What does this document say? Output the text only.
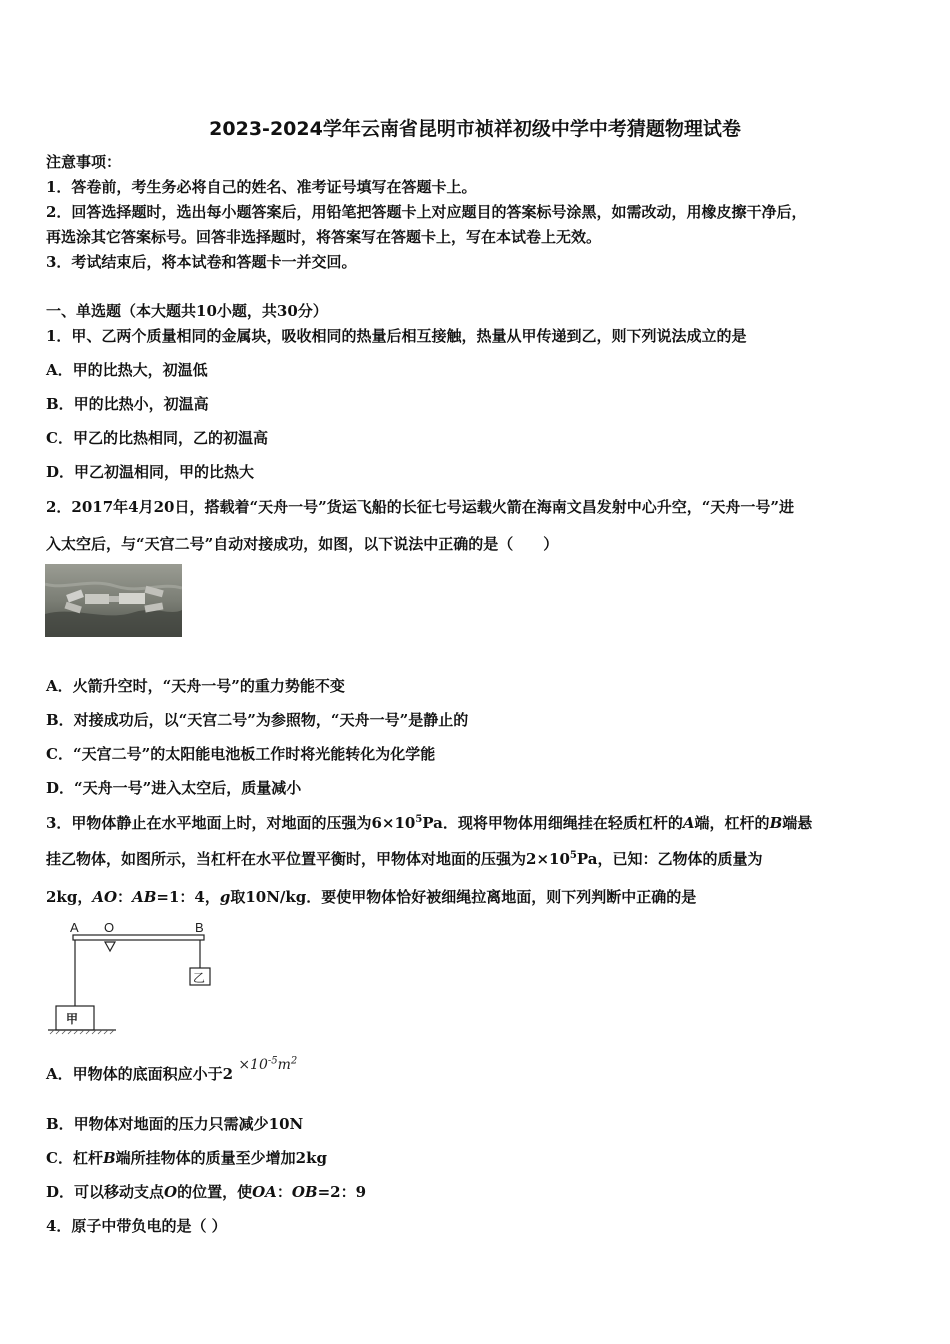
2023-2024学年云南省昆明市祯祥初级中学中考猜题物理试卷
注意事项：
1．答卷前，考生务必将自己的姓名、准考证号填写在答题卡上。
2．回答选择题时，选出每小题答案后，用铅笔把答题卡上对应题目的答案标号涂黑，如需改动，用橡皮擦干净后，
再选涂其它答案标号。回答非选择题时，将答案写在答题卡上，写在本试卷上无效。
3．考试结束后，将本试卷和答题卡一并交回。
一、单选题（本大题共10小题，共30分）
1．甲、乙两个质量相同的金属块，吸收相同的热量后相互接触，热量从甲传递到乙，则下列说法成立的是
A．甲的比热大，初温低
B．甲的比热小，初温高
C．甲乙的比热相同，乙的初温高
D．甲乙初温相同，甲的比热大
2．2017年4月20日，搭载着“天舟一号”货运飞船的长征七号运载火箭在海南文昌发射中心升空，“天舟一号”进
入太空后，与“天宫二号”自动对接成功，如图，以下说法中正确的是（　　）
A．火箭升空时，“天舟一号”的重力势能不变
B．对接成功后，以“天宫二号”为参照物，“天舟一号”是静止的
C．“天宫二号”的太阳能电池板工作时将光能转化为化学能
D．“天舟一号”进入太空后，质量减小
3．甲物体静止在水平地面上时，对地面的压强为$6\times 10^5Pa$．现将甲物体用细绳挂在轻质杠杆的A端，杠杆的B端悬
挂乙物体，如图所示，当杠杆在水平位置平衡时，甲物体对地面的压强为$2\times 10^5Pa$，已知：乙物体的质量为
2kg，AO：AB=1：4，g取10N/kg．要使甲物体恰好被细绳拉离地面，则下列判断中正确的是
A O	B
乙
甲
A．甲物体的底面积应小于$2 \times 10^{-5}m^2$
B．甲物体对地面的压力只需减少10N
C．杠杆B端所挂物体的质量至少增加2kg
D．可以移动支点O的位置，使OA：OB=2：9
4．原子中带负电的是（ ）
